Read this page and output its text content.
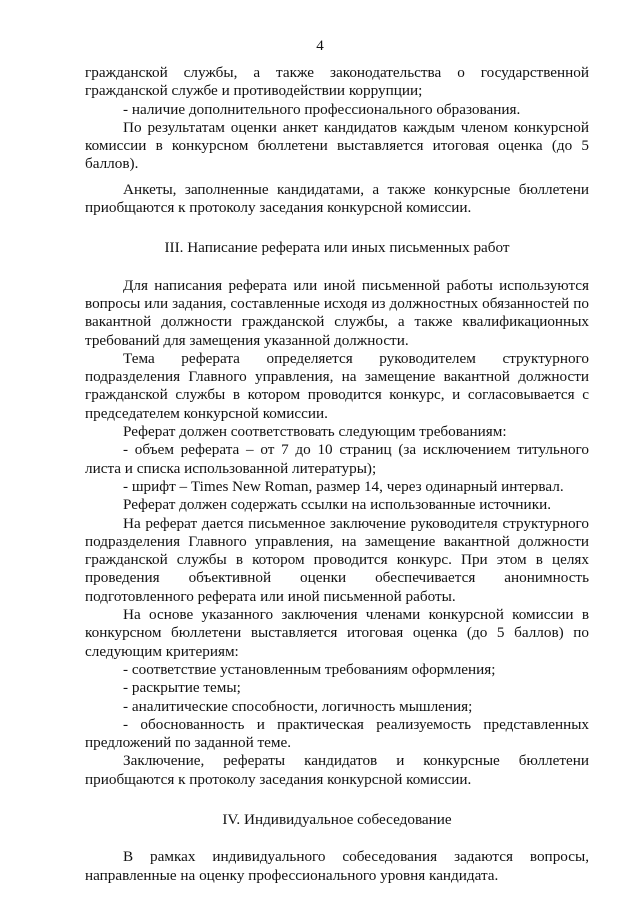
4

гражданской службы, а также законодательства о государственной гражданской службе и противодействии коррупции;

- наличие дополнительного профессионального образования.

По результатам оценки анкет кандидатов каждым членом конкурсной комиссии в конкурсном бюллетени выставляется итоговая оценка (до 5 баллов).

Анкеты, заполненные кандидатами, а также конкурсные бюллетени приобщаются к протоколу заседания конкурсной комиссии.

III. Написание реферата или иных письменных работ

Для написания реферата или иной письменной работы используются вопросы или задания, составленные исходя из должностных обязанностей по вакантной должности гражданской службы, а также квалификационных требований для замещения указанной должности.

Тема реферата определяется руководителем структурного подразделения Главного управления, на замещение вакантной должности гражданской службы в котором проводится конкурс, и согласовывается с председателем конкурсной комиссии.

Реферат должен соответствовать следующим требованиям:

- объем реферата – от 7 до 10 страниц (за исключением титульного листа и списка использованной литературы);

- шрифт – Times New Roman, размер 14, через одинарный интервал.

Реферат должен содержать ссылки на использованные источники.

На реферат дается письменное заключение руководителя структурного подразделения Главного управления, на замещение вакантной должности гражданской службы в котором проводится конкурс. При этом в целях проведения объективной оценки обеспечивается анонимность подготовленного реферата или иной письменной работы.

На основе указанного заключения членами конкурсной комиссии в конкурсном бюллетени выставляется итоговая оценка (до 5 баллов) по следующим критериям:

- соответствие установленным требованиям оформления;

- раскрытие темы;

- аналитические способности, логичность мышления;

- обоснованность и практическая реализуемость представленных предложений по заданной теме.

Заключение, рефераты кандидатов и конкурсные бюллетени приобщаются к протоколу заседания конкурсной комиссии.

IV. Индивидуальное собеседование

В рамках индивидуального собеседования задаются вопросы, направленные на оценку профессионального уровня кандидата.
